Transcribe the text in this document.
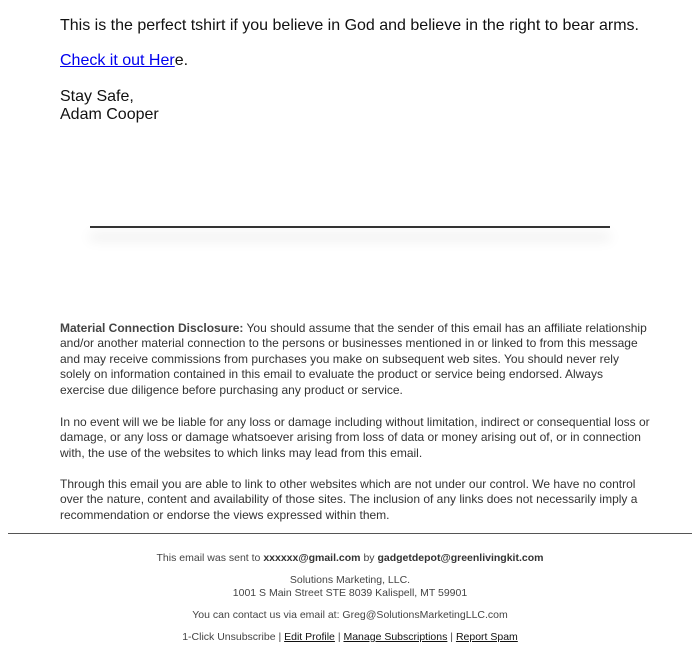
This is the perfect tshirt if you believe in God and believe in the right to bear arms.
Check it out Here.
Stay Safe,
Adam Cooper

Material Connection Disclosure: You should assume that the sender of this email has an affiliate relationship and/or another material connection to the persons or businesses mentioned in or linked to from this message and may receive commissions from purchases you make on subsequent web sites. You should never rely solely on information contained in this email to evaluate the product or service being endorsed. Always exercise due diligence before purchasing any product or service.

In no event will we be liable for any loss or damage including without limitation, indirect or consequential loss or damage, or any loss or damage whatsoever arising from loss of data or money arising out of, or in connection with, the use of the websites to which links may lead from this email.

Through this email you are able to link to other websites which are not under our control. We have no control over the nature, content and availability of those sites. The inclusion of any links does not necessarily imply a recommendation or endorse the views expressed within them.

This email was sent to xxxxxx@gmail.com by gadgetdepot@greenlivingkit.com
Solutions Marketing, LLC.
1001 S Main Street STE 8039 Kalispell, MT 59901
You can contact us via email at: Greg@SolutionsMarketingLLC.com
1-Click Unsubscribe | Edit Profile | Manage Subscriptions | Report Spam
